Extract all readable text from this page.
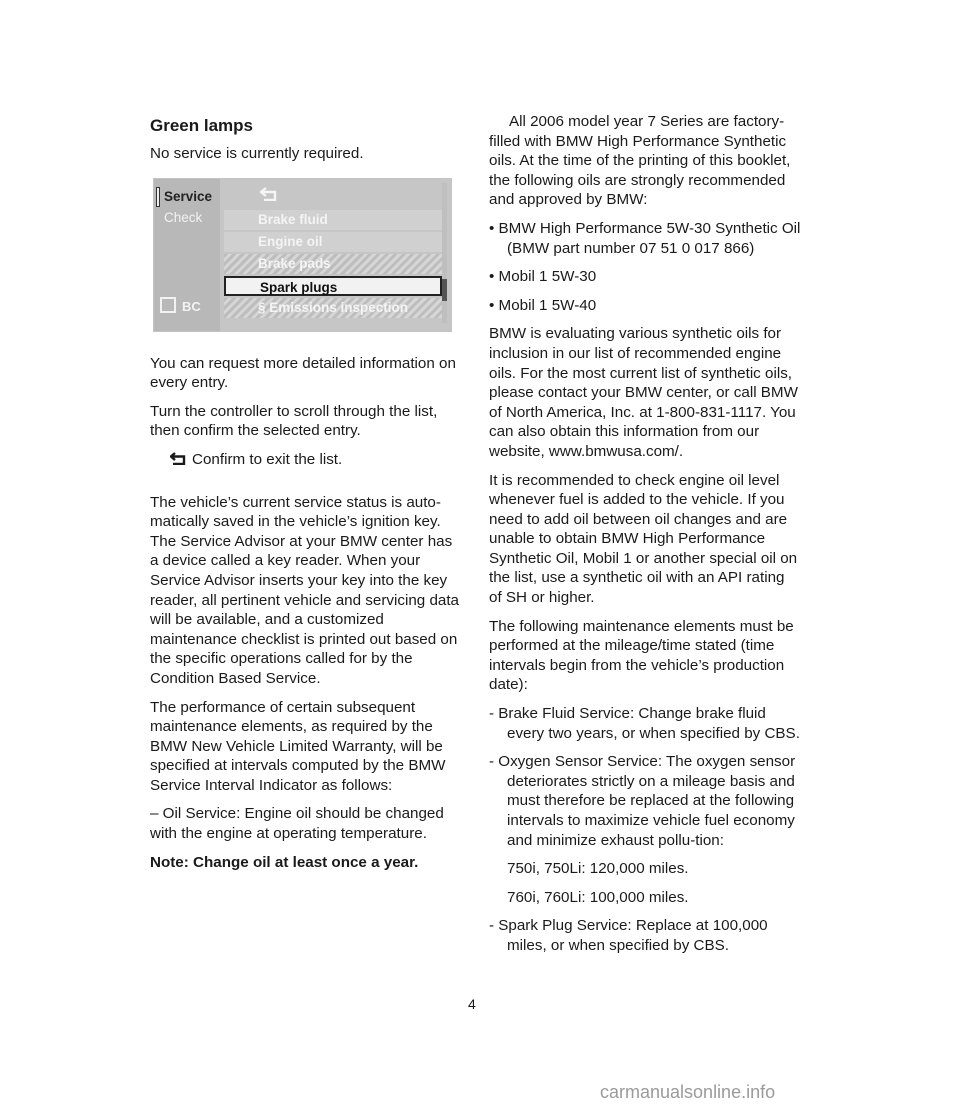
Green lamps

No service is currently required.

Service
Check
BC
Brake fluid
Engine oil
Brake pads
Spark plugs
§ Emissions inspection

You can request more detailed information on every entry.

Turn the controller to scroll through the list, then confirm the selected entry.

Confirm to exit the list.

The vehicle’s current service status is auto-matically saved in the vehicle’s ignition key. The Service Advisor at your BMW center has a device called a key reader. When your Service Advisor inserts your key into the key reader, all pertinent vehicle and servicing data will be available, and a customized maintenance checklist is printed out based on the specific operations called for by the Condition Based Service.

The performance of certain subsequent maintenance elements, as required by the BMW New Vehicle Limited Warranty, will be specified at intervals computed by the BMW Service Interval Indicator as follows:

– Oil Service: Engine oil should be changed with the engine at operating temperature.

Note: Change oil at least once a year.

All 2006 model year 7 Series are factory-filled with BMW High Performance Synthetic oils. At the time of the printing of this booklet, the following oils are strongly recommended and approved by BMW:

• BMW High Performance 5W-30 Synthetic Oil (BMW part number 07 51 0 017 866)

• Mobil 1 5W-30

• Mobil 1 5W-40

BMW is evaluating various synthetic oils for inclusion in our list of recommended engine oils. For the most current list of synthetic oils, please contact your BMW center, or call BMW of North America, Inc. at 1-800-831-1117. You can also obtain this information from our website, www.bmwusa.com/.

It is recommended to check engine oil level whenever fuel is added to the vehicle. If you need to add oil between oil changes and are unable to obtain BMW High Performance Synthetic Oil, Mobil 1 or another special oil on the list, use a synthetic oil with an API rating of SH or higher.

The following maintenance elements must be performed at the mileage/time stated (time intervals begin from the vehicle’s production date):

- Brake Fluid Service: Change brake fluid every two years, or when specified by CBS.

- Oxygen Sensor Service: The oxygen sensor deteriorates strictly on a mileage basis and must therefore be replaced at the following intervals to maximize vehicle fuel economy and minimize exhaust pollu-tion:

750i, 750Li: 120,000 miles.

760i, 760Li: 100,000 miles.

- Spark Plug Service: Replace at 100,000 miles, or when specified by CBS.

4
carmanualsonline.info
